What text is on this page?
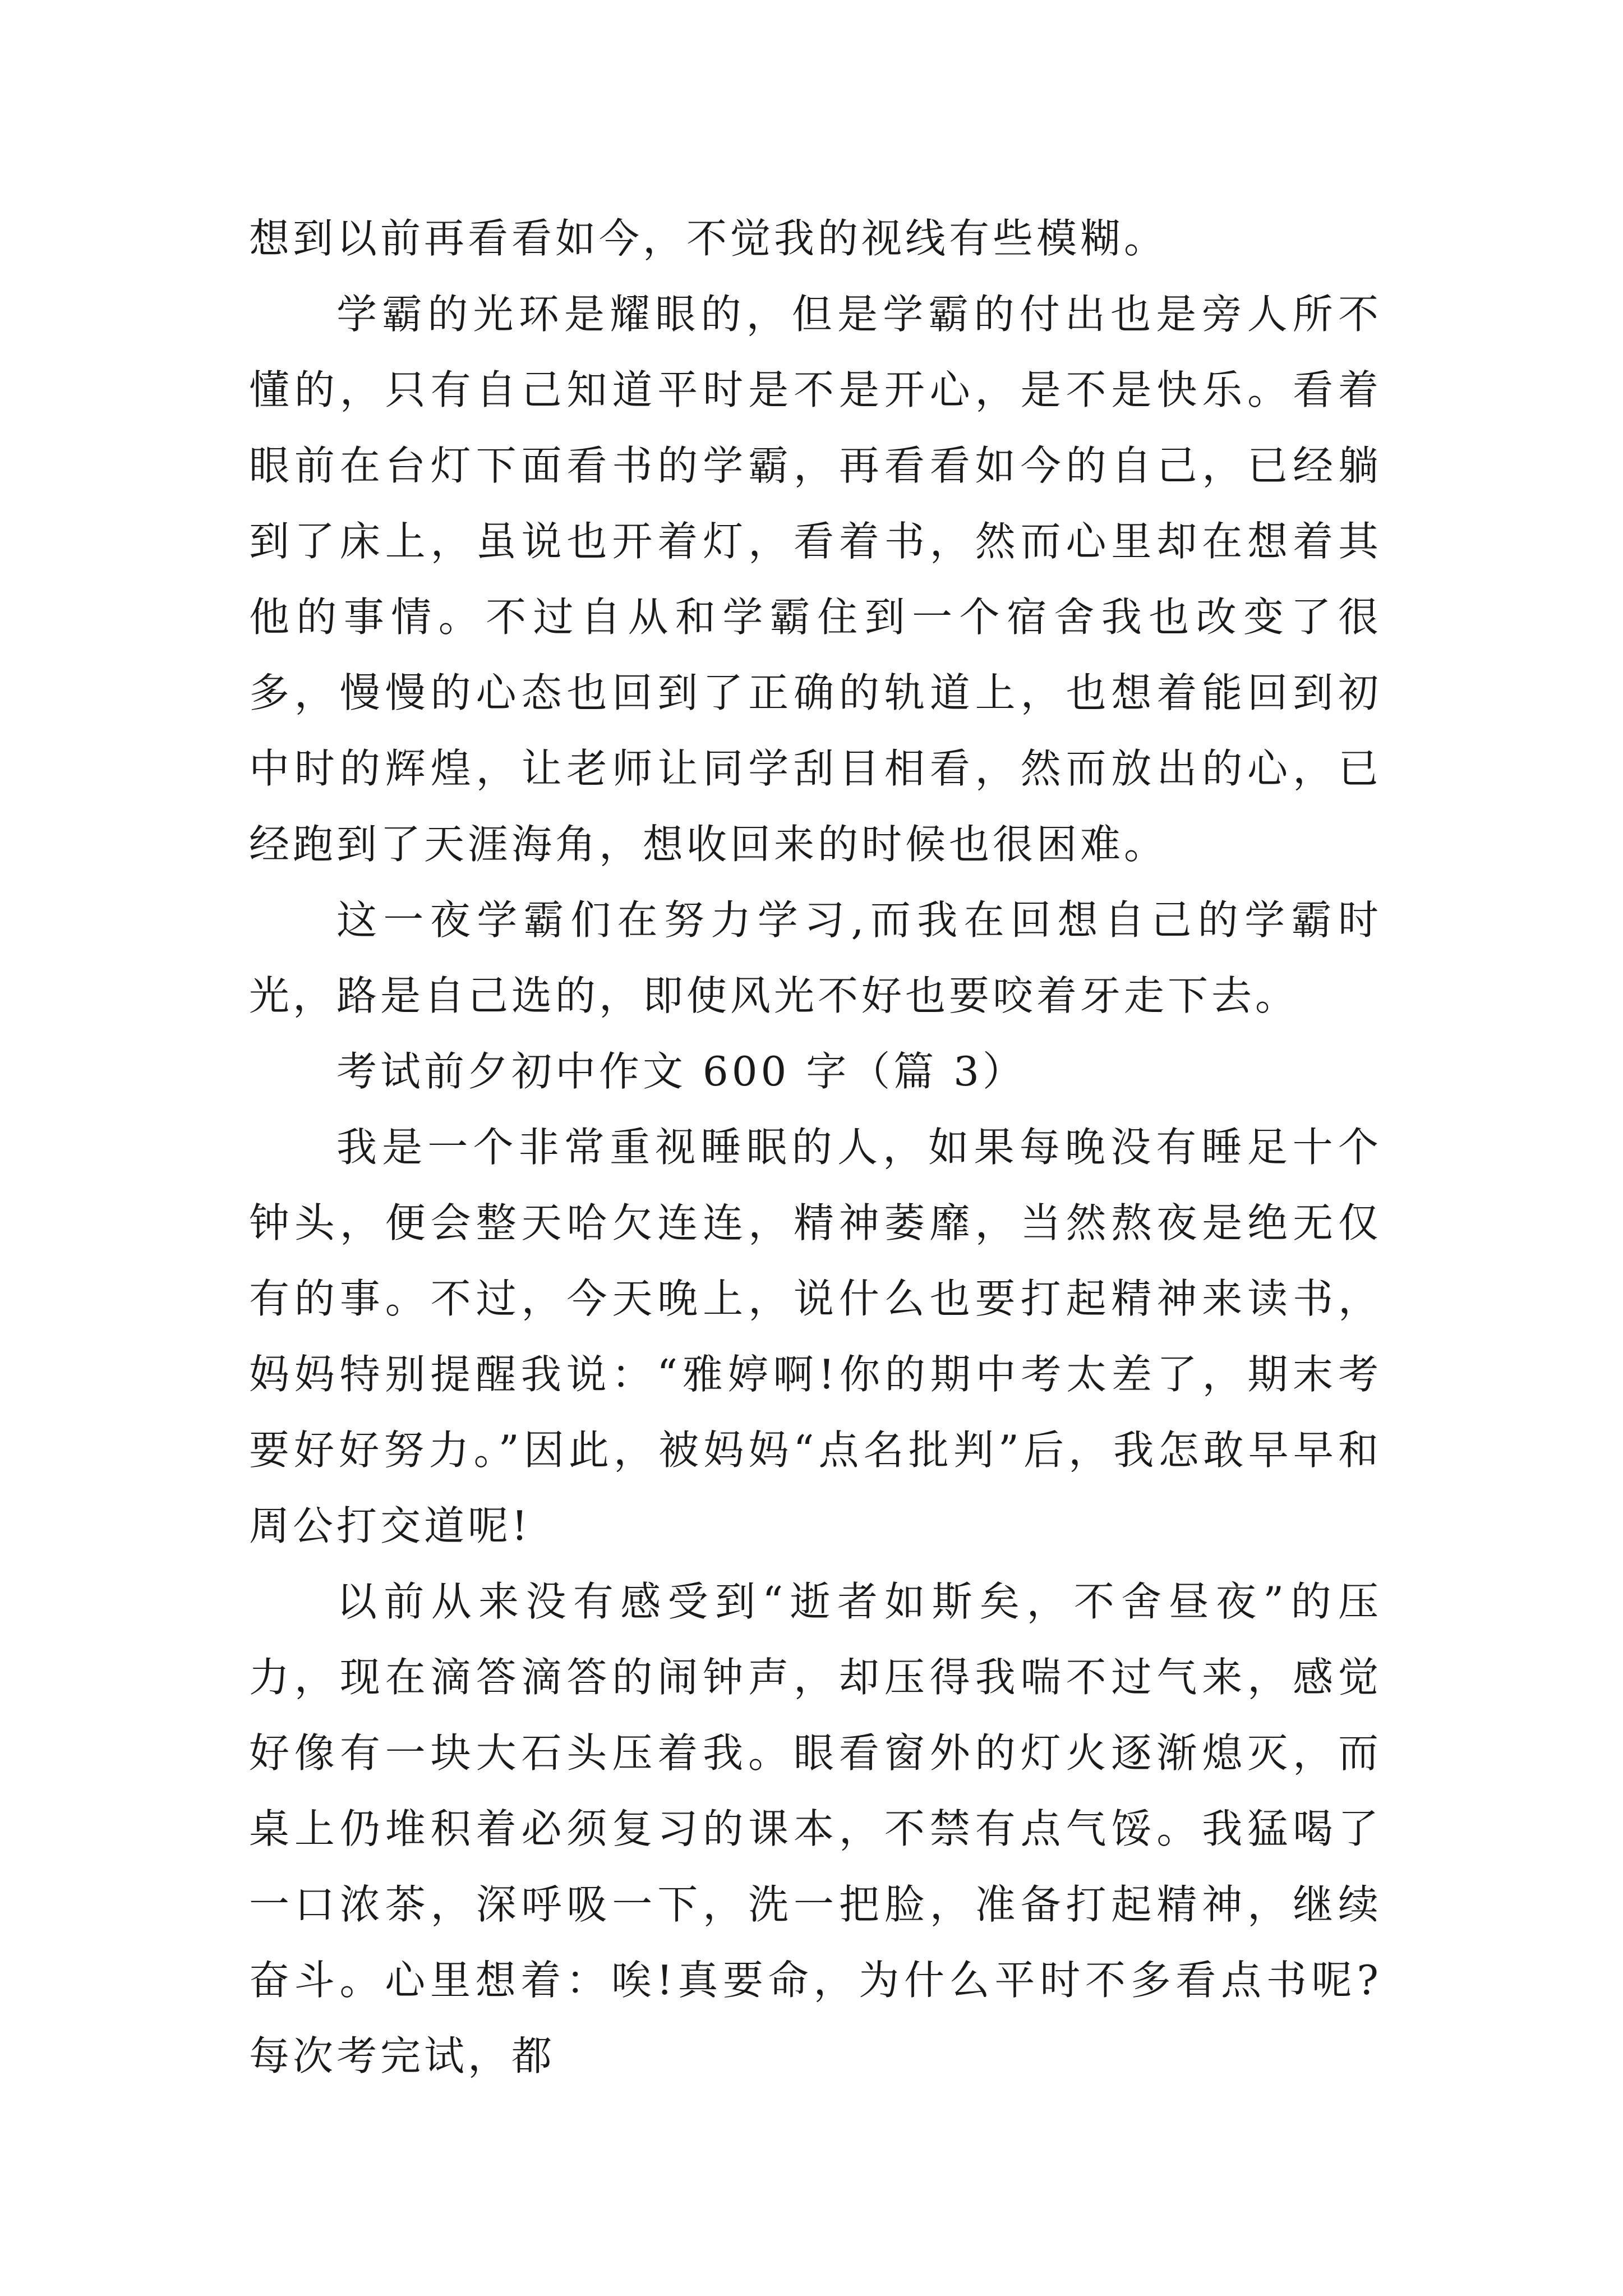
想到以前再看看如今，不觉我的视线有些模糊。

学霸的光环是耀眼的，但是学霸的付出也是旁人所不懂的，只有自己知道平时是不是开心，是不是快乐。看着眼前在台灯下面看书的学霸，再看看如今的自己，已经躺到了床上，虽说也开着灯，看着书，然而心里却在想着其他的事情。不过自从和学霸住到一个宿舍我也改变了很多，慢慢的心态也回到了正确的轨道上，也想着能回到初中时的辉煌，让老师让同学刮目相看，然而放出的心，已经跑到了天涯海角，想收回来的时候也很困难。

这一夜学霸们在努力学习,而我在回想自己的学霸时光，路是自己选的，即使风光不好也要咬着牙走下去。

考试前夕初中作文 600 字（篇 3）

我是一个非常重视睡眠的人，如果每晚没有睡足十个钟头，便会整天哈欠连连，精神萎靡，当然熬夜是绝无仅有的事。不过，今天晚上，说什么也要打起精神来读书，妈妈特别提醒我说：“雅婷啊!你的期中考太差了，期末考要好好努力。”因此，被妈妈“点名批判”后，我怎敢早早和周公打交道呢!

以前从来没有感受到“逝者如斯矣，不舍昼夜”的压力，现在滴答滴答的闹钟声，却压得我喘不过气来，感觉好像有一块大石头压着我。眼看窗外的灯火逐渐熄灭，而桌上仍堆积着必须复习的课本，不禁有点气馁。我猛喝了一口浓茶，深呼吸一下，洗一把脸，准备打起精神，继续奋斗。心里想着：唉!真要命，为什么平时不多看点书呢?每次考完试，都
